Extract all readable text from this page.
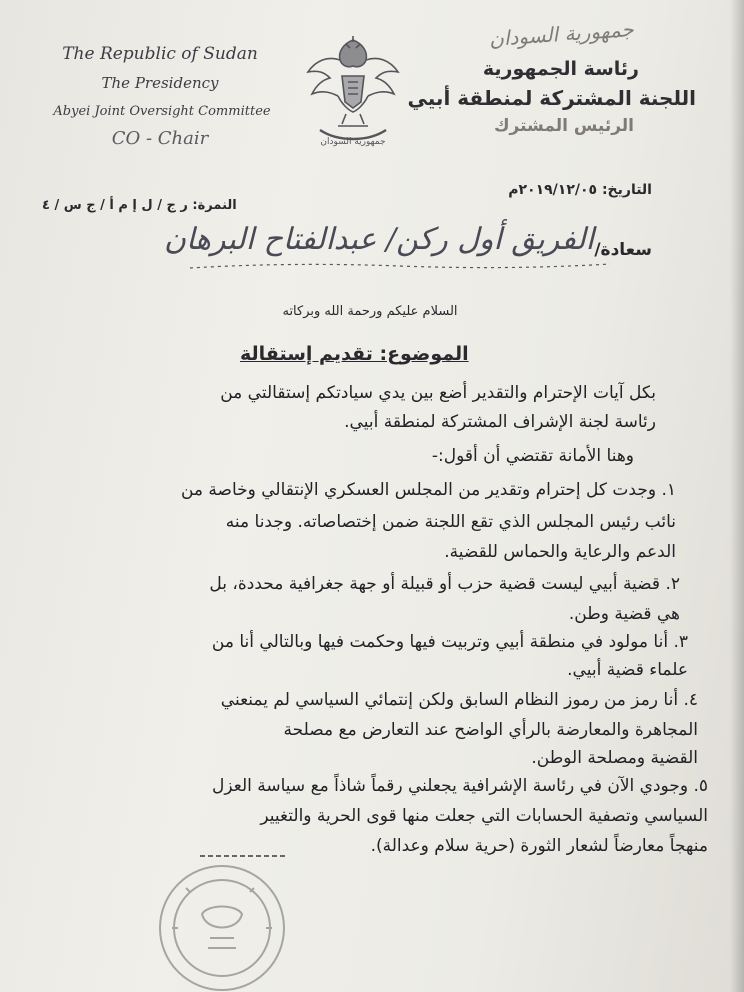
The Republic of Sudan
The Presidency
Abyei Joint Oversight Committee
CO - Chair	جمهورية السودان
جمهورية السودان
رئاسة الجمهورية
اللجنة المشتركة لمنطقة أبيي
الرئيس المشترك
التاريخ: ٢٠١٩/١٢/٠٥م
النمرة: ر ج / ل إ م أ / ج س / ٤
سعادة/
الفريق أول ركن/ عبدالفتاح البرهان
السلام عليكم ورحمة الله وبركاته
الموضوع: تقديم إستقالة
بكل آيات الإحترام والتقدير أضع بين يدي سيادتكم إستقالتي من
رئاسة لجنة الإشراف المشتركة لمنطقة أبيي.
وهنا الأمانة تقتضي أن أقول:-
١. وجدت كل إحترام وتقدير من المجلس العسكري الإنتقالي وخاصة من
نائب رئيس المجلس الذي تقع اللجنة ضمن إختصاصاته. وجدنا منه
الدعم والرعاية والحماس للقضية.
٢. قضية أبيي ليست قضية حزب أو قبيلة أو جهة جغرافية محددة، بل
هي قضية وطن.
٣. أنا مولود في منطقة أبيي وتربيت فيها وحكمت فيها وبالتالي أنا من
علماء قضية أبيي.
٤. أنا رمز من رموز النظام السابق ولكن إنتمائي السياسي لم يمنعني
المجاهرة والمعارضة بالرأي الواضح عند التعارض مع مصلحة
القضية ومصلحة الوطن.
٥. وجودي الآن في رئاسة الإشرافية يجعلني رقماً شاذاً مع سياسة العزل
السياسي وتصفية الحسابات التي جعلت منها قوى الحرية والتغيير
منهجاً معارضاً لشعار الثورة (حرية سلام وعدالة).
